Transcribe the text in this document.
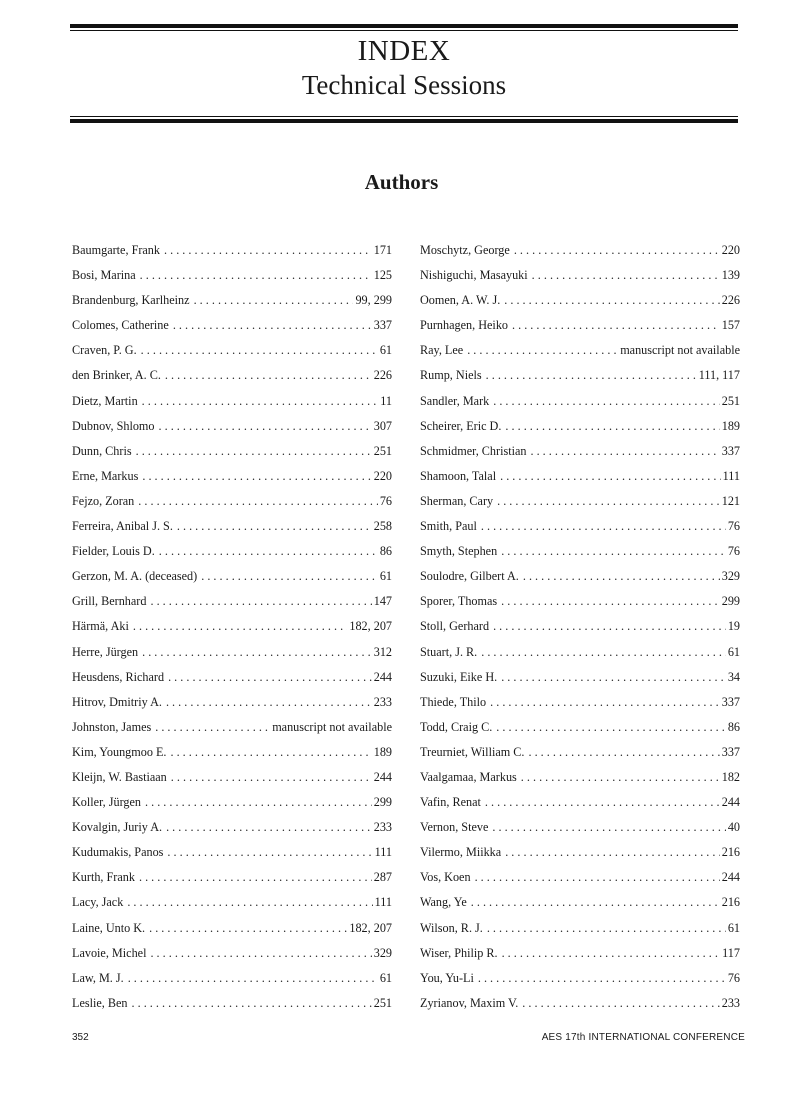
INDEX
Technical Sessions
Authors
Baumgarte, Frank . . .	171
Bosi, Marina . . .	125
Brandenburg, Karlheinz . . .	99, 299
Colomes, Catherine . . .	337
Craven, P. G. . . .	61
den Brinker, A. C. . . .	226
Dietz, Martin . . .	11
Dubnov, Shlomo . . .	307
Dunn, Chris . . .	251
Erne, Markus . . .	220
Fejzo, Zoran . . .	76
Ferreira, Anibal J. S. . . .	258
Fielder, Louis D. . . .	86
Gerzon, M. A. (deceased) . . .	61
Grill, Bernhard . . .	147
Härmä, Aki . . .	182, 207
Herre, Jürgen . . .	312
Heusdens, Richard . . .	244
Hitrov, Dmitriy A. . . .	233
Johnston, James . . .	manuscript not available
Kim, Youngmoo E. . . .	189
Kleijn, W. Bastiaan . . .	244
Koller, Jürgen . . .	299
Kovalgin, Juriy A. . . .	233
Kudumakis, Panos . . .	111
Kurth, Frank . . .	287
Lacy, Jack . . .	111
Laine, Unto K. . . .	182, 207
Lavoie, Michel . . .	329
Law, M. J. . . .	61
Leslie, Ben . . .	251
Moschytz, George . . .	220
Nishiguchi, Masayuki . . .	139
Oomen, A. W. J. . . .	226
Purnhagen, Heiko . . .	157
Ray, Lee . . .	manuscript not available
Rump, Niels . . .	111, 117
Sandler, Mark . . .	251
Scheirer, Eric D. . . .	189
Schmidmer, Christian . . .	337
Shamoon, Talal . . .	111
Sherman, Cary . . .	121
Smith, Paul . . .	76
Smyth, Stephen . . .	76
Soulodre, Gilbert A. . . .	329
Sporer, Thomas . . .	299
Stoll, Gerhard . . .	19
Stuart, J. R. . . .	61
Suzuki, Eike H. . . .	34
Thiede, Thilo . . .	337
Todd, Craig C. . . .	86
Treurniet, William C. . . .	337
Vaalgamaa, Markus . . .	182
Vafin, Renat . . .	244
Vernon, Steve . . .	40
Vilermo, Miikka . . .	216
Vos, Koen . . .	244
Wang, Ye . . .	216
Wilson, R. J. . . .	61
Wiser, Philip R. . . .	117
You, Yu-Li . . .	76
Zyrianov, Maxim V. . . .	233
352	AES 17th INTERNATIONAL CONFERENCE
